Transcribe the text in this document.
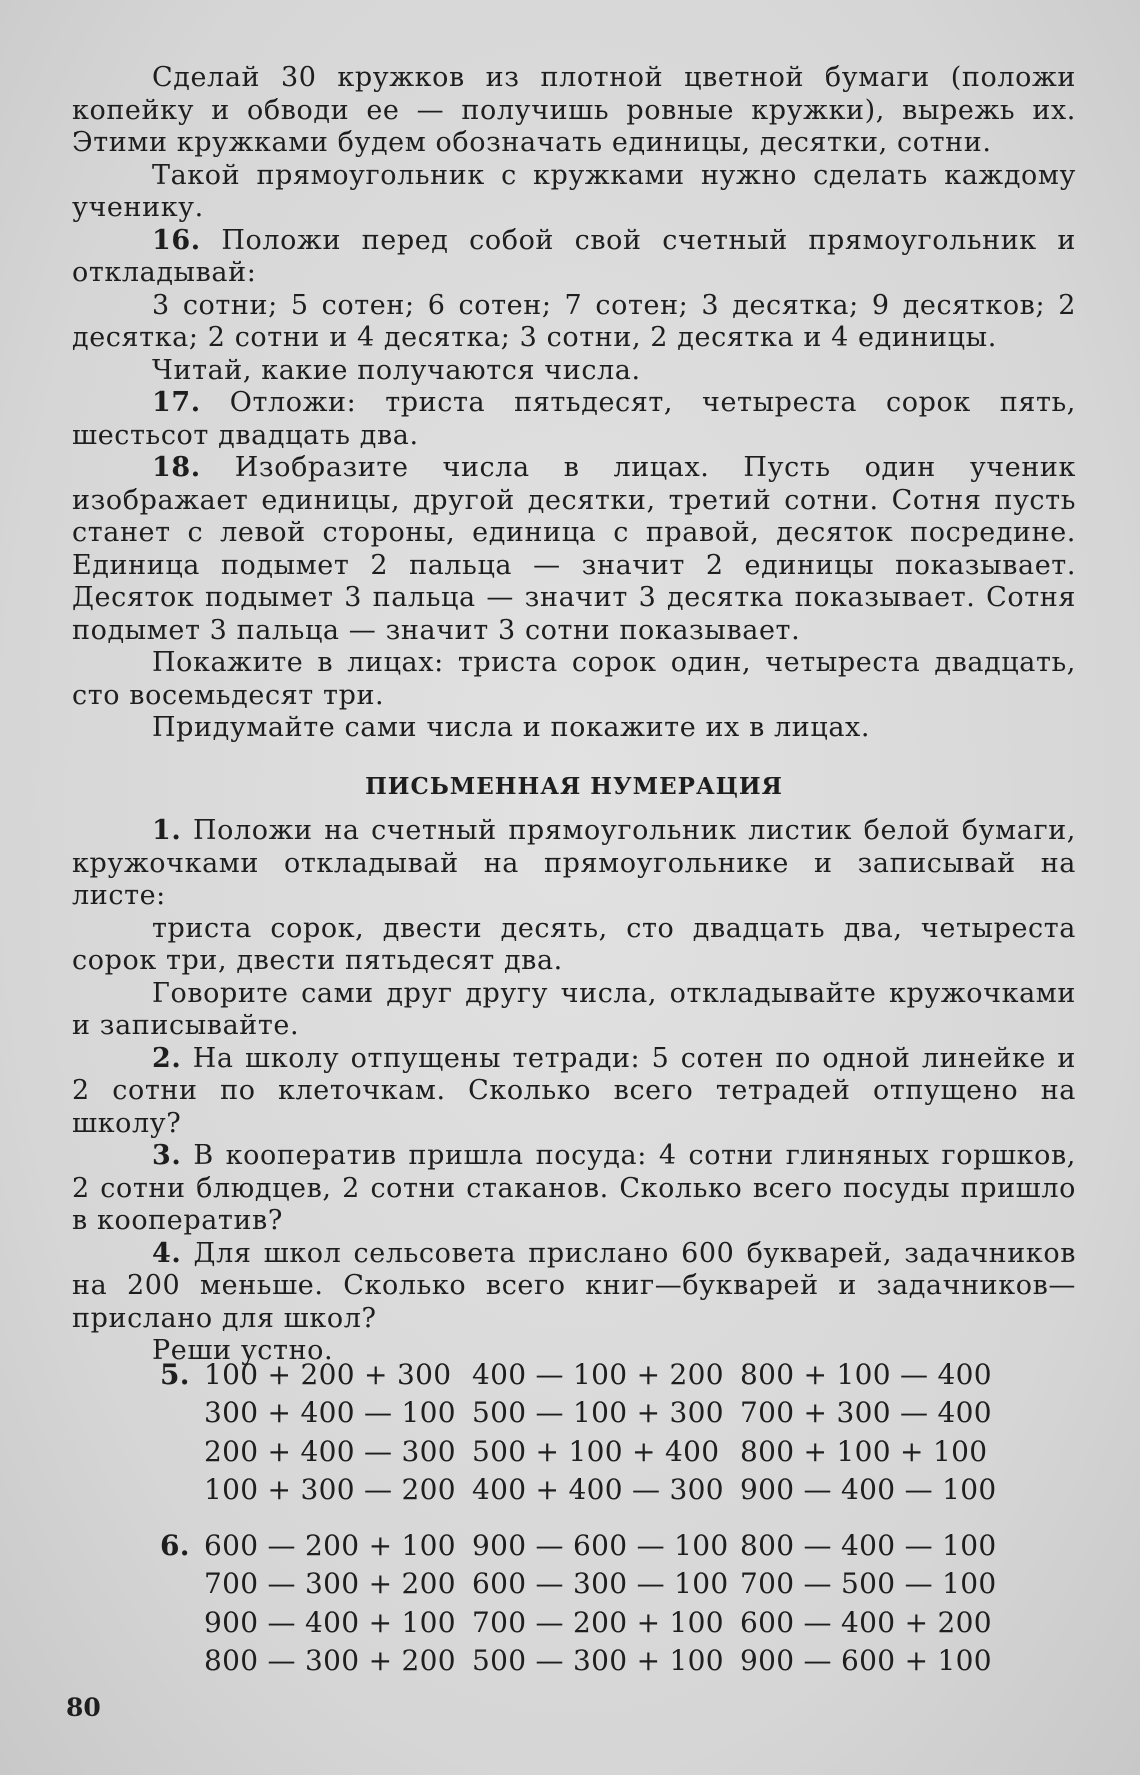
Сделай 30 кружков из плотной цветной бумаги (положи копейку и обводи ее — получишь ровные кружки), вырежь их. Этими кружками будем обозначать единицы, десятки, сотни.

Такой прямоугольник с кружками нужно сделать каждому ученику.

16. Положи перед собой свой счетный прямоугольник и откладывай:

3 сотни; 5 сотен; 6 сотен; 7 сотен; 3 десятка; 9 десятков; 2 десятка; 2 сотни и 4 десятка; 3 сотни, 2 десятка и 4 единицы.

Читай, какие получаются числа.

17. Отложи: триста пятьдесят, четыреста сорок пять, шестьсот двадцать два.

18. Изобразите числа в лицах. Пусть один ученик изображает единицы, другой десятки, третий сотни. Сотня пусть станет с левой стороны, единица с правой, десяток посредине. Единица подымет 2 пальца — значит 2 единицы показывает. Десяток подымет 3 пальца — значит 3 десятка показывает. Сотня подымет 3 пальца — значит 3 сотни показывает.

Покажите в лицах: триста сорок один, четыреста двадцать, сто восемьдесят три.

Придумайте сами числа и покажите их в лицах.

ПИСЬМЕННАЯ НУМЕРАЦИЯ

1. Положи на счетный прямоугольник листик белой бумаги, кружочками откладывай на прямоугольнике и записывай на листе:

триста сорок, двести десять, сто двадцать два, четыреста сорок три, двести пятьдесят два.

Говорите сами друг другу числа, откладывайте кружочками и записывайте.

2. На школу отпущены тетради: 5 сотен по одной линейке и 2 сотни по клеточкам. Сколько всего тетрадей отпущено на школу?

3. В кооператив пришла посуда: 4 сотни глиняных горшков, 2 сотни блюдцев, 2 сотни стаканов. Сколько всего посуды пришло в кооператив?

4. Для школ сельсовета прислано 600 букварей, задачников на 200 меньше. Сколько всего книг—букварей и задачников—прислано для школ?

Реши устно.

5. 100 + 200 + 300 400 — 100 + 200 800 + 100 — 400
300 + 400 — 100 500 — 100 + 300 700 + 300 — 400
200 + 400 — 300 500 + 100 + 400 800 + 100 + 100
100 + 300 — 200 400 + 400 — 300 900 — 400 — 100
6. 600 — 200 + 100 900 — 600 — 100 800 — 400 — 100
700 — 300 + 200 600 — 300 — 100 700 — 500 — 100
900 — 400 + 100 700 — 200 + 100 600 — 400 + 200
800 — 300 + 200 500 — 300 + 100 900 — 600 + 100
80
